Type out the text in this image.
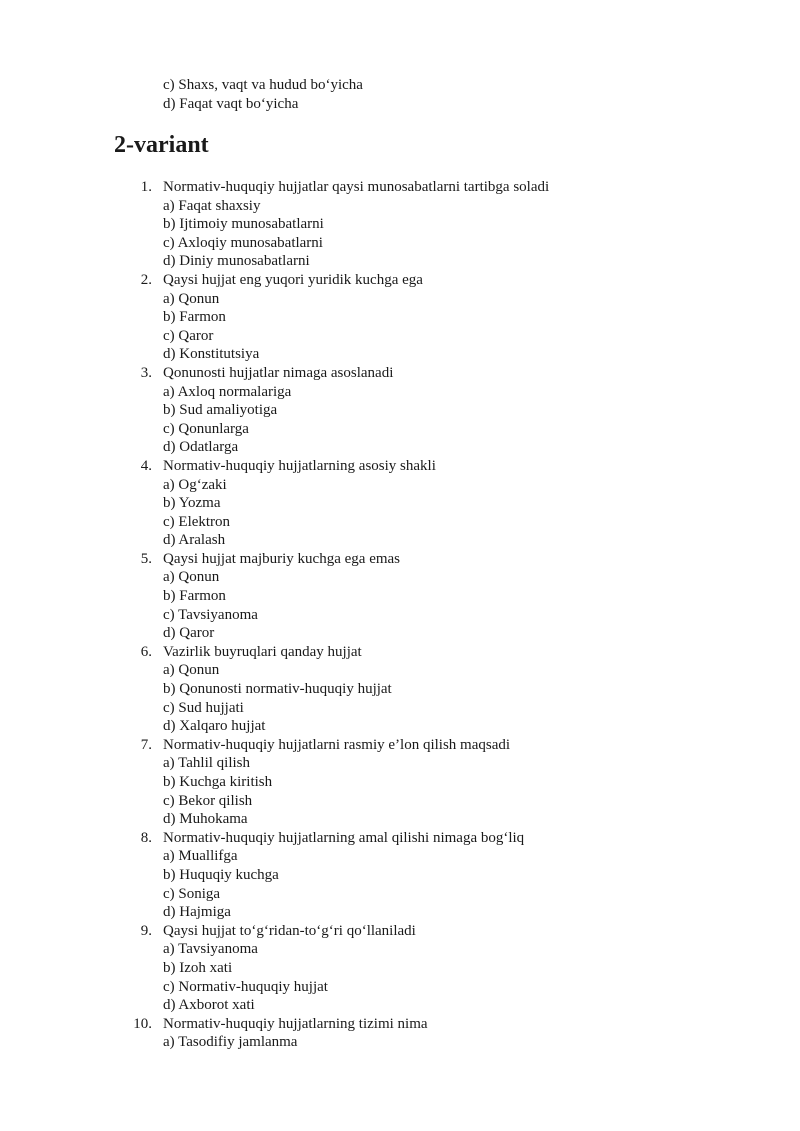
c) Shaxs, vaqt va hudud bo‘yicha
d) Faqat vaqt bo‘yicha
2-variant
1. Normativ-huquqiy hujjatlar qaysi munosabatlarni tartibga soladi
a) Faqat shaxsiy
b) Ijtimoiy munosabatlarni
c) Axloqiy munosabatlarni
d) Diniy munosabatlarni
2. Qaysi hujjat eng yuqori yuridik kuchga ega
a) Qonun
b) Farmon
c) Qaror
d) Konstitutsiya
3. Qonunosti hujjatlar nimaga asoslanadi
a) Axloq normalariga
b) Sud amaliyotiga
c) Qonunlarga
d) Odatlarga
4. Normativ-huquqiy hujjatlarning asosiy shakli
a) Og‘zaki
b) Yozma
c) Elektron
d) Aralash
5. Qaysi hujjat majburiy kuchga ega emas
a) Qonun
b) Farmon
c) Tavsiyanoma
d) Qaror
6. Vazirlik buyruqlari qanday hujjat
a) Qonun
b) Qonunosti normativ-huquqiy hujjat
c) Sud hujjati
d) Xalqaro hujjat
7. Normativ-huquqiy hujjatlarni rasmiy e’lon qilish maqsadi
a) Tahlil qilish
b) Kuchga kiritish
c) Bekor qilish
d) Muhokama
8. Normativ-huquqiy hujjatlarning amal qilishi nimaga bog‘liq
a) Muallifga
b) Huquqiy kuchga
c) Soniga
d) Hajmiga
9. Qaysi hujjat to‘g‘ridan-to‘g‘ri qo‘llaniladi
a) Tavsiyanoma
b) Izoh xati
c) Normativ-huquqiy hujjat
d) Axborot xati
10. Normativ-huquqiy hujjatlarning tizimi nima
a) Tasodifiy jamlanma
